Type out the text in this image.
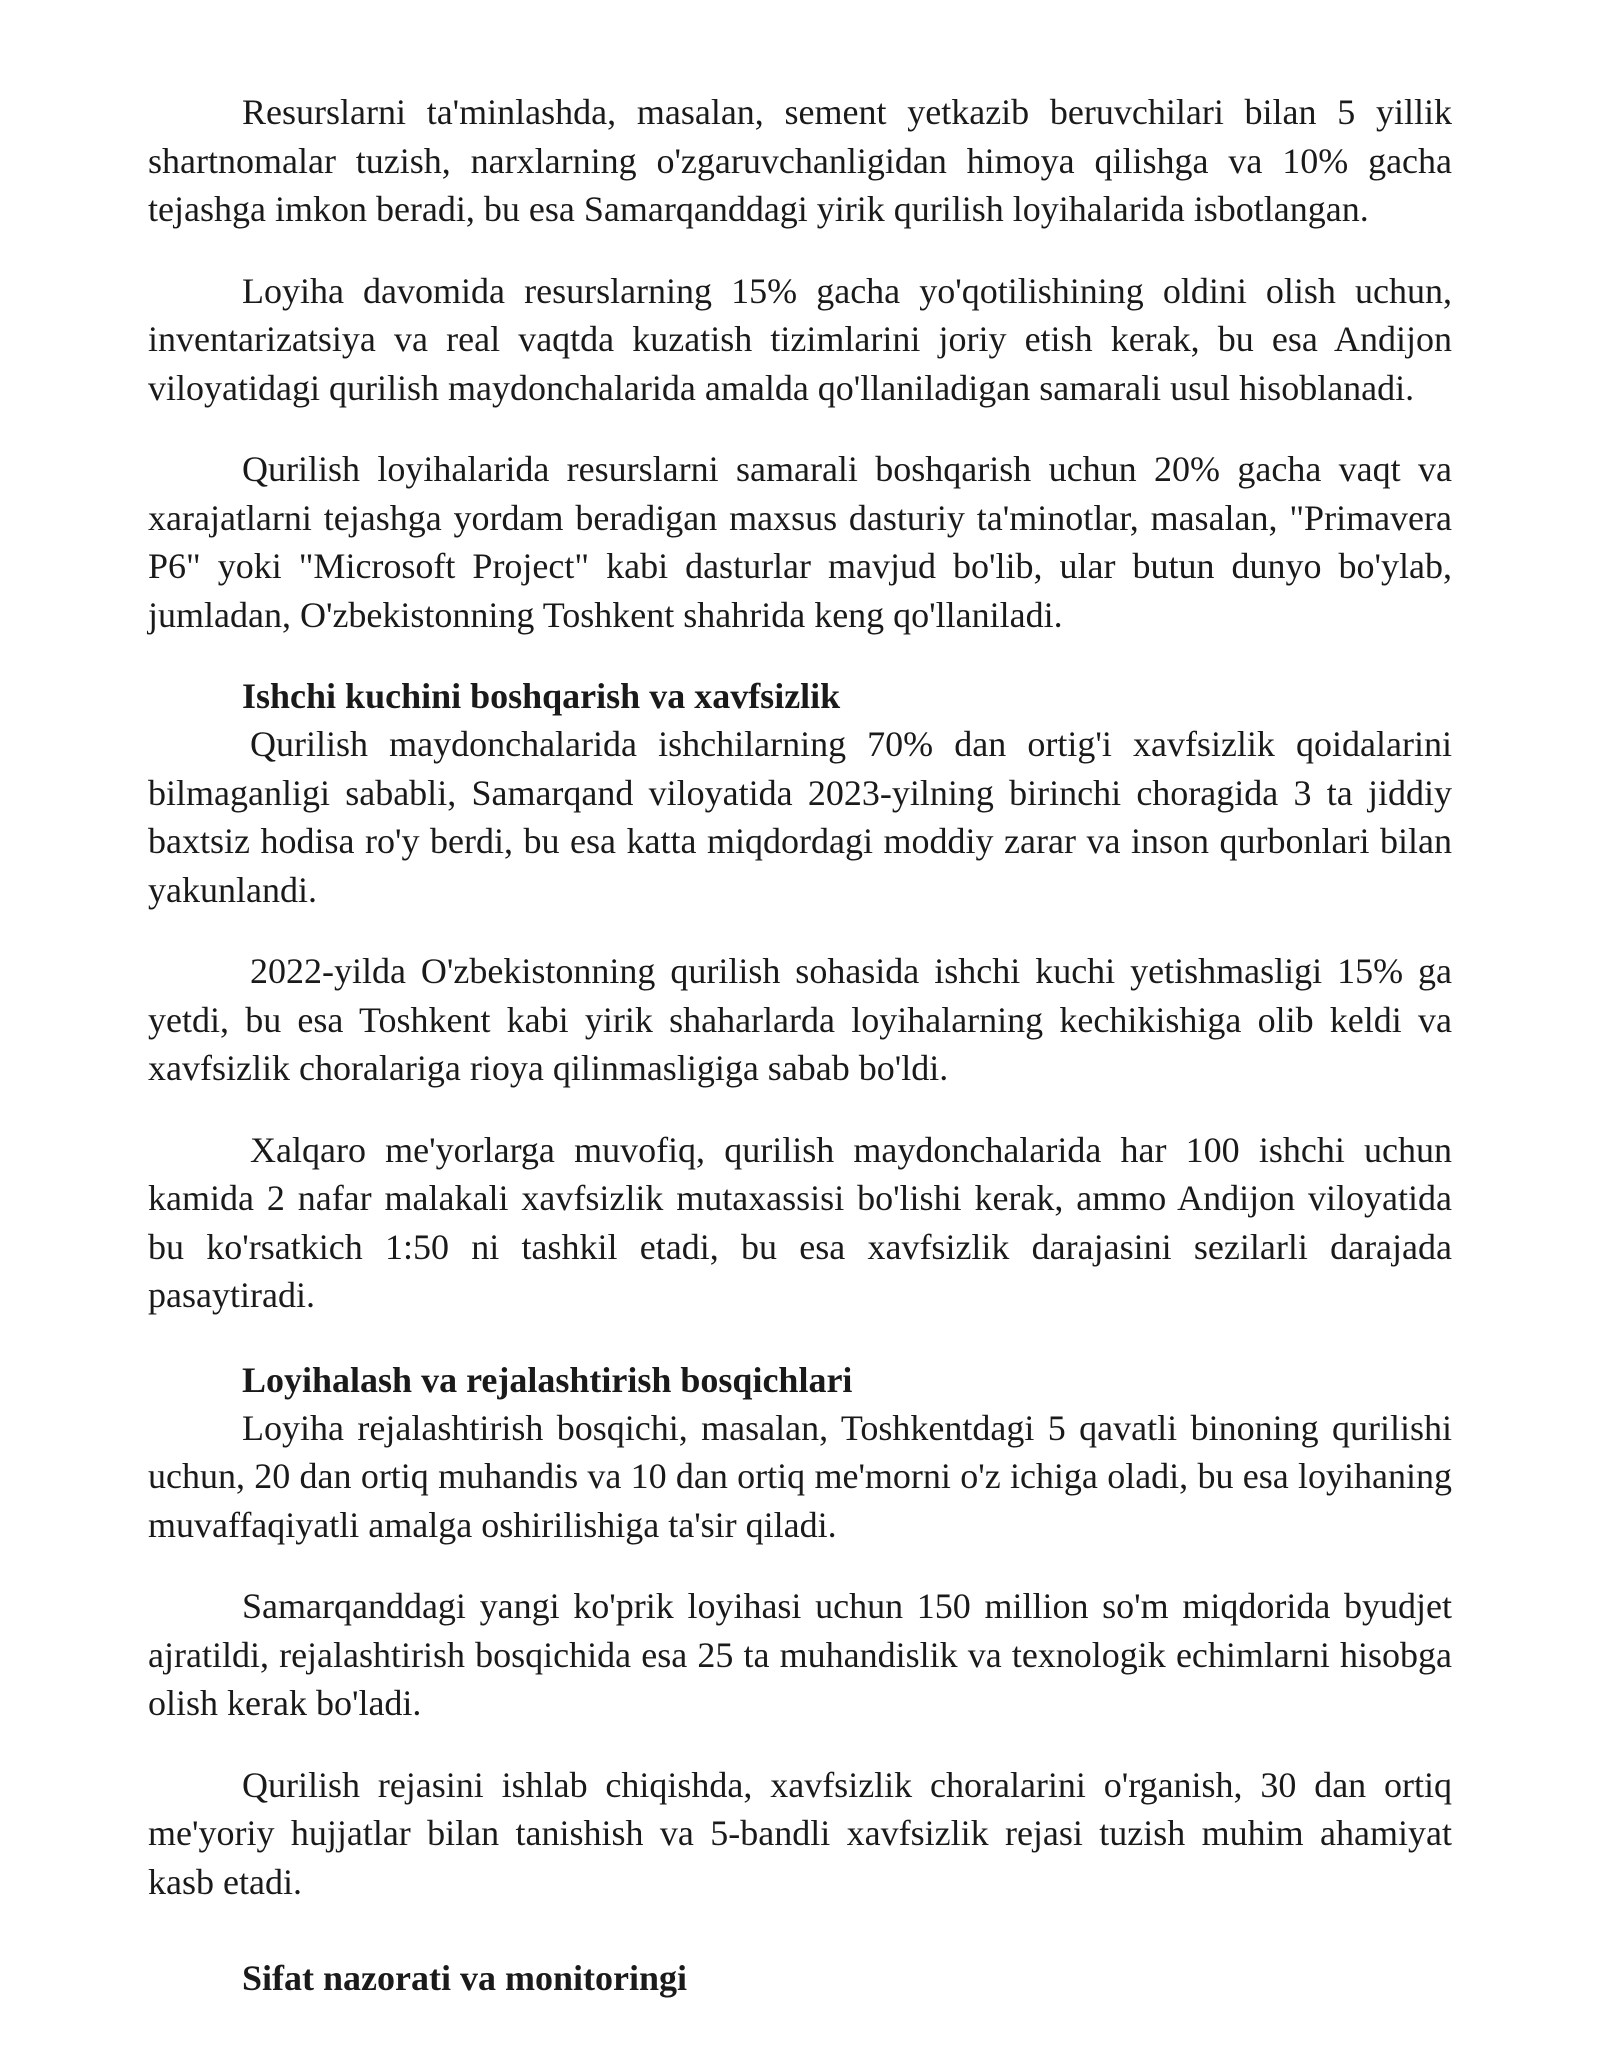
Resurslarni ta'minlashda, masalan, sement yetkazib beruvchilari bilan 5 yillik shartnomalar tuzish, narxlarning o'zgaruvchanligidan himoya qilishga va 10% gacha tejashga imkon beradi, bu esa Samarqanddagi yirik qurilish loyihalarida isbotlangan.

Loyiha davomida resurslarning 15% gacha yo'qotilishining oldini olish uchun, inventarizatsiya va real vaqtda kuzatish tizimlarini joriy etish kerak, bu esa Andijon viloyatidagi qurilish maydonchalarida amalda qo'llaniladigan samarali usul hisoblanadi.

Qurilish loyihalarida resurslarni samarali boshqarish uchun 20% gacha vaqt va xarajatlarni tejashga yordam beradigan maxsus dasturiy ta'minotlar, masalan, "Primavera P6" yoki "Microsoft Project" kabi dasturlar mavjud bo'lib, ular butun dunyo bo'ylab, jumladan, O'zbekistonning Toshkent shahrida keng qo'llaniladi.

Ishchi kuchini boshqarish va xavfsizlik

Qurilish maydonchalarida ishchilarning 70% dan ortig'i xavfsizlik qoidalarini bilmaganligi sababli, Samarqand viloyatida 2023-yilning birinchi choragida 3 ta jiddiy baxtsiz hodisa ro'y berdi, bu esa katta miqdordagi moddiy zarar va inson qurbonlari bilan yakunlandi.

2022-yilda O'zbekistonning qurilish sohasida ishchi kuchi yetishmasligi 15% ga yetdi, bu esa Toshkent kabi yirik shaharlarda loyihalarning kechikishiga olib keldi va xavfsizlik choralariga rioya qilinmasligiga sabab bo'ldi.

Xalqaro me'yorlarga muvofiq, qurilish maydonchalarida har 100 ishchi uchun kamida 2 nafar malakali xavfsizlik mutaxassisi bo'lishi kerak, ammo Andijon viloyatida bu ko'rsatkich 1:50 ni tashkil etadi, bu esa xavfsizlik darajasini sezilarli darajada pasaytiradi.

Loyihalash va rejalashtirish bosqichlari

Loyiha rejalashtirish bosqichi, masalan, Toshkentdagi 5 qavatli binoning qurilishi uchun, 20 dan ortiq muhandis va 10 dan ortiq me'morni o'z ichiga oladi, bu esa loyihaning muvaffaqiyatli amalga oshirilishiga ta'sir qiladi.

Samarqanddagi yangi ko'prik loyihasi uchun 150 million so'm miqdorida byudjet ajratildi, rejalashtirish bosqichida esa 25 ta muhandislik va texnologik echimlarni hisobga olish kerak bo'ladi.

Qurilish rejasini ishlab chiqishda, xavfsizlik choralarini o'rganish, 30 dan ortiq me'yoriy hujjatlar bilan tanishish va 5-bandli xavfsizlik rejasi tuzish muhim ahamiyat kasb etadi.

Sifat nazorati va monitoringi
